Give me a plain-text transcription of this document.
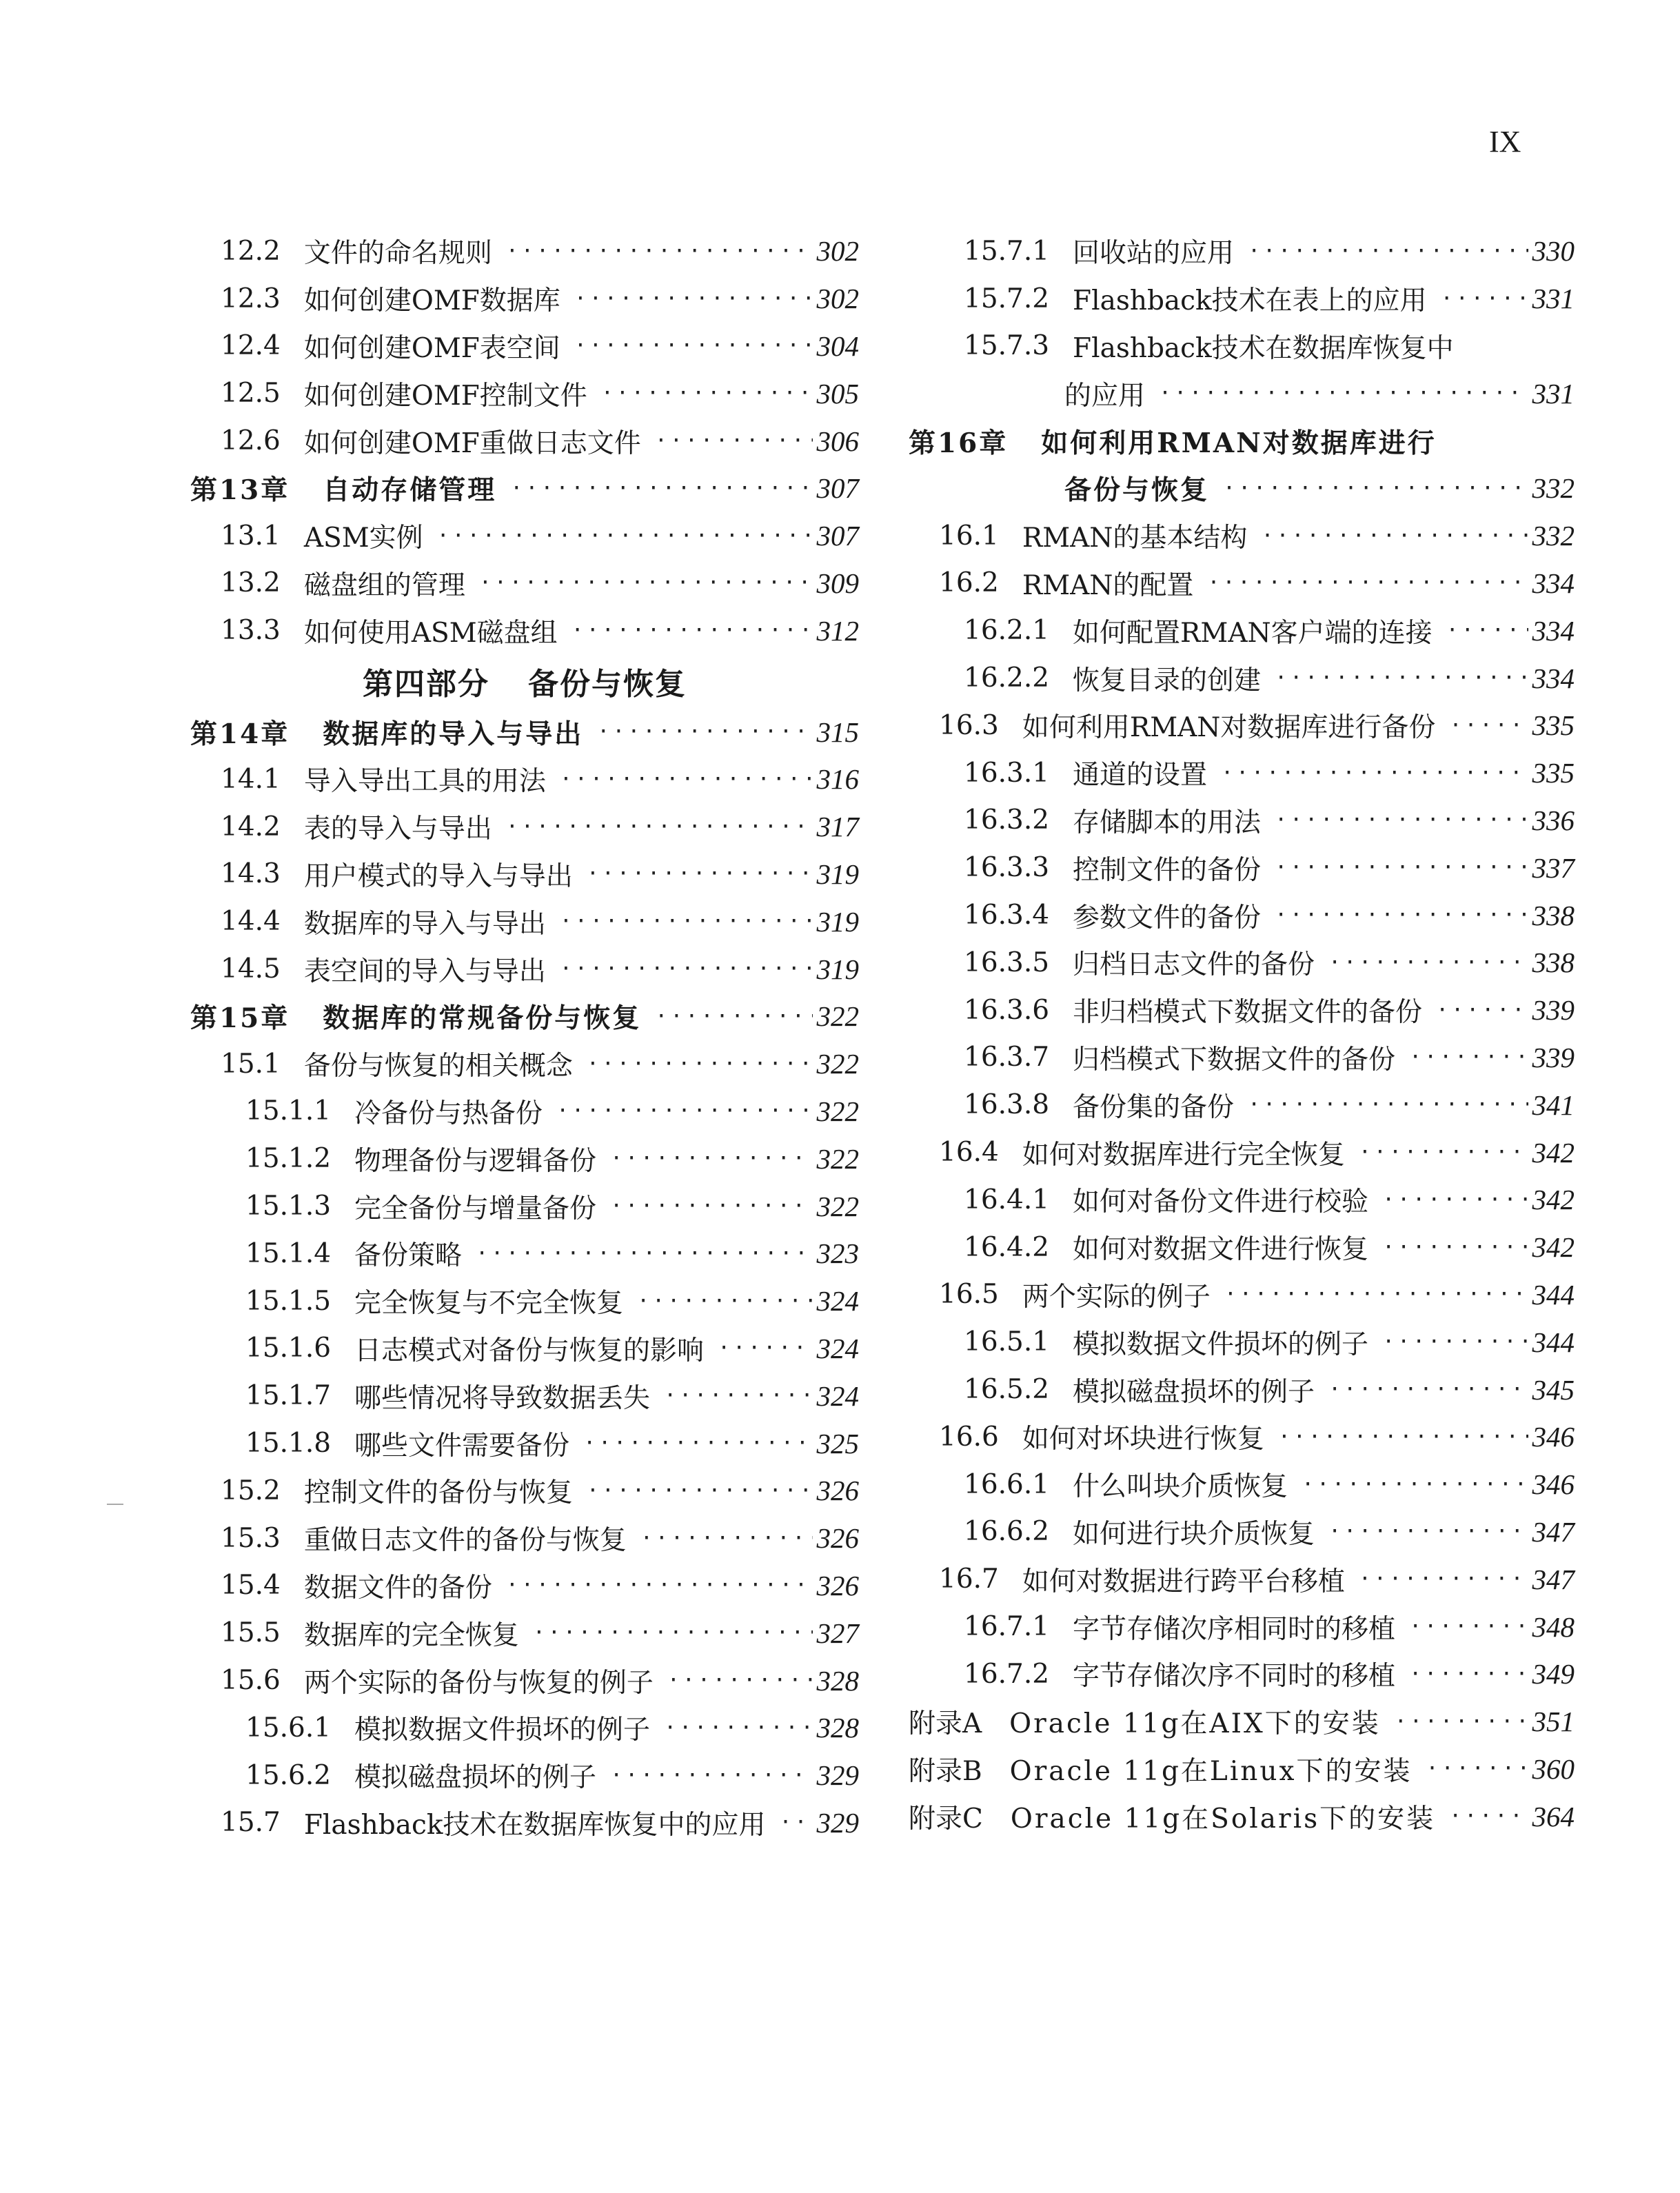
IX
12.2 文件的命名规则 ·····	302
12.3 如何创建OMF数据库 ·····	302
12.4 如何创建OMF表空间 ·····	304
12.5 如何创建OMF控制文件 ·····	305
12.6 如何创建OMF重做日志文件 ·····	306
第13章 自动存储管理 ·····	307
13.1 ASM实例 ·····	307
13.2 磁盘组的管理 ·····	309
13.3 如何使用ASM磁盘组 ·····	312
第四部分 备份与恢复
第14章 数据库的导入与导出 ·····	315
14.1 导入导出工具的用法 ·····	316
14.2 表的导入与导出 ·····	317
14.3 用户模式的导入与导出 ·····	319
14.4 数据库的导入与导出 ·····	319
14.5 表空间的导入与导出 ·····	319
第15章 数据库的常规备份与恢复 ·····	322
15.1 备份与恢复的相关概念 ·····	322
15.1.1 冷备份与热备份 ·····	322
15.1.2 物理备份与逻辑备份 ·····	322
15.1.3 完全备份与增量备份 ·····	322
15.1.4 备份策略 ·····	323
15.1.5 完全恢复与不完全恢复 ·····	324
15.1.6 日志模式对备份与恢复的影响 ·····	324
15.1.7 哪些情况将导致数据丢失 ·····	324
15.1.8 哪些文件需要备份 ·····	325
15.2 控制文件的备份与恢复 ·····	326
15.3 重做日志文件的备份与恢复 ·····	326
15.4 数据文件的备份 ·····	326
15.5 数据库的完全恢复 ·····	327
15.6 两个实际的备份与恢复的例子 ·····	328
15.6.1 模拟数据文件损坏的例子 ·····	328
15.6.2 模拟磁盘损坏的例子 ·····	329
15.7 Flashback技术在数据库恢复中的应用 ····· 329
15.7.1 回收站的应用 ·····	330
15.7.2 Flashback技术在表上的应用 ·····	331
15.7.3 Flashback技术在数据库恢复中
的应用 ·····	331
第16章 如何利用RMAN对数据库进行
备份与恢复 ·····	332
16.1 RMAN的基本结构 ·····	332
16.2 RMAN的配置 ·····	334
16.2.1 如何配置RMAN客户端的连接 ·····	334
16.2.2 恢复目录的创建 ·····	334
16.3 如何利用RMAN对数据库进行备份 ·····	335
16.3.1 通道的设置 ·····	335
16.3.2 存储脚本的用法 ·····	336
16.3.3 控制文件的备份 ·····	337
16.3.4 参数文件的备份 ·····	338
16.3.5 归档日志文件的备份 ·····	338
16.3.6 非归档模式下数据文件的备份 ·····	339
16.3.7 归档模式下数据文件的备份 ·····	339
16.3.8 备份集的备份 ·····	341
16.4 如何对数据库进行完全恢复 ·····	342
16.4.1 如何对备份文件进行校验 ·····	342
16.4.2 如何对数据文件进行恢复 ·····	342
16.5 两个实际的例子 ·····	344
16.5.1 模拟数据文件损坏的例子 ·····	344
16.5.2 模拟磁盘损坏的例子 ·····	345
16.6 如何对坏块进行恢复 ·····	346
16.6.1 什么叫块介质恢复 ·····	346
16.6.2 如何进行块介质恢复 ·····	347
16.7 如何对数据进行跨平台移植 ·····	347
16.7.1 字节存储次序相同时的移植 ·····	348
16.7.2 字节存储次序不同时的移植 ·····	349
附录A Oracle 11g在AIX下的安装 ·····	351
附录B Oracle 11g在Linux下的安装 ·····	360
附录C Oracle 11g在Solaris下的安装 ·····	364
